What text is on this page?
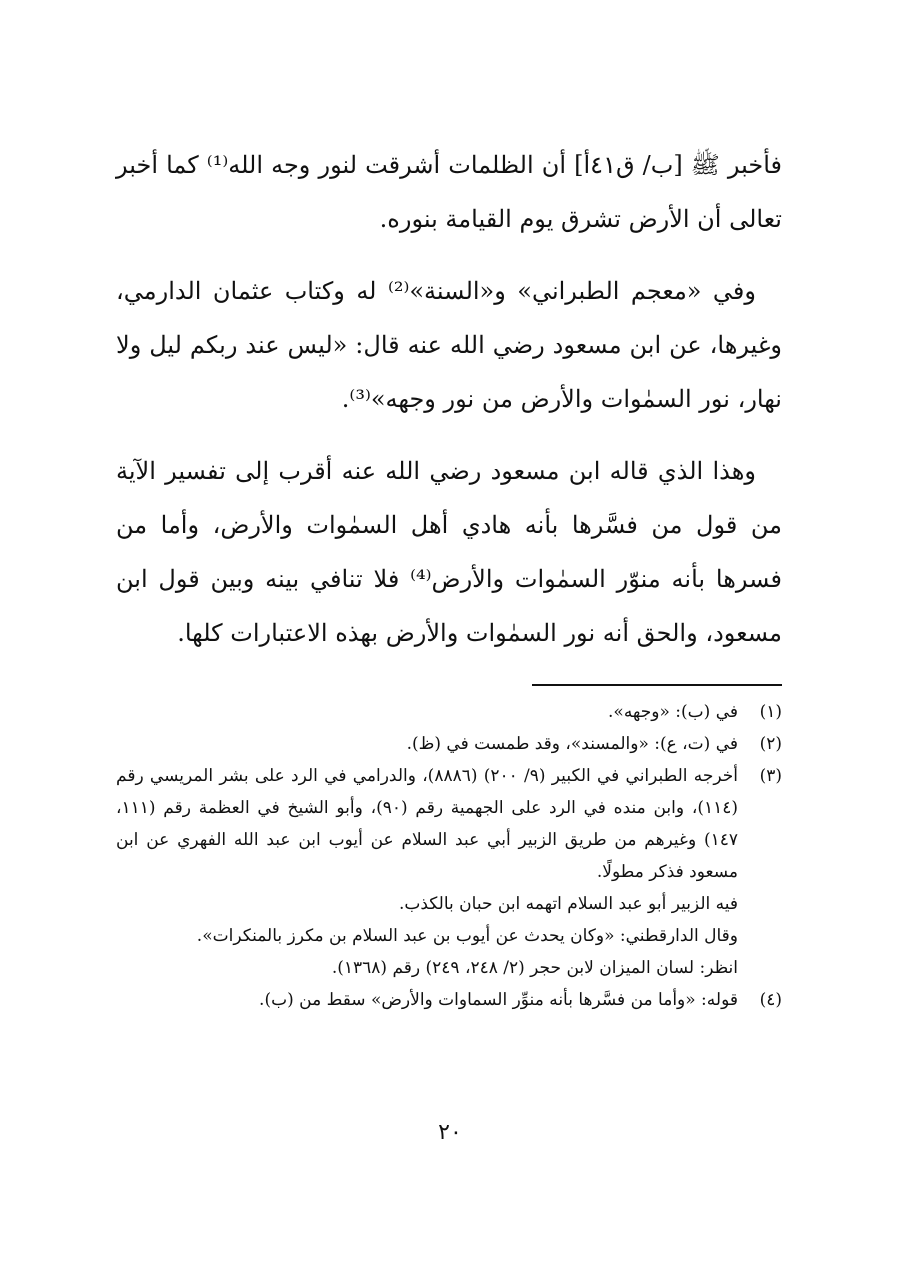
فأخبر ﷺ [ب/ ق٤١أ] أن الظلمات أشرقت لنور وجه الله⁽¹⁾ كما أخبر تعالى أن الأرض تشرق يوم القيامة بنوره.

وفي «معجم الطبراني» و«السنة»⁽²⁾ له وكتاب عثمان الدارمي، وغيرها، عن ابن مسعود رضي الله عنه قال: «ليس عند ربكم ليل ولا نهار، نور السمٰوات والأرض من نور وجهه»⁽³⁾.

وهذا الذي قاله ابن مسعود رضي الله عنه أقرب إلى تفسير الآية من قول من فسَّرها بأنه هادي أهل السمٰوات والأرض، وأما من فسرها بأنه منوّر السمٰوات والأرض⁽⁴⁾ فلا تنافي بينه وبين قول ابن مسعود، والحق أنه نور السمٰوات والأرض بهذه الاعتبارات كلها.

(١)
في (ب): «وجهه».
(٢)
في (ت، ع): «والمسند»، وقد طمست في (ظ).
(٣)
أخرجه الطبراني في الكبير (٩/ ٢٠٠) (٨٨٨٦)، والدرامي في الرد على بشر المريسي رقم (١١٤)، وابن منده في الرد على الجهمية رقم (٩٠)، وأبو الشيخ في العظمة رقم (١١١، ١٤٧) وغيرهم من طريق الزبير أبي عبد السلام عن أيوب ابن عبد الله الفهري عن ابن مسعود فذكر مطولًا.
فيه الزبير أبو عبد السلام اتهمه ابن حبان بالكذب.
وقال الدارقطني: «وكان يحدث عن أيوب بن عبد السلام بن مكرز بالمنكرات».
انظر: لسان الميزان لابن حجر (٢/ ٢٤٨، ٢٤٩) رقم (١٣٦٨).
(٤)
قوله: «وأما من فسَّرها بأنه منوِّر السماوات والأرض» سقط من (ب).
٢٠
